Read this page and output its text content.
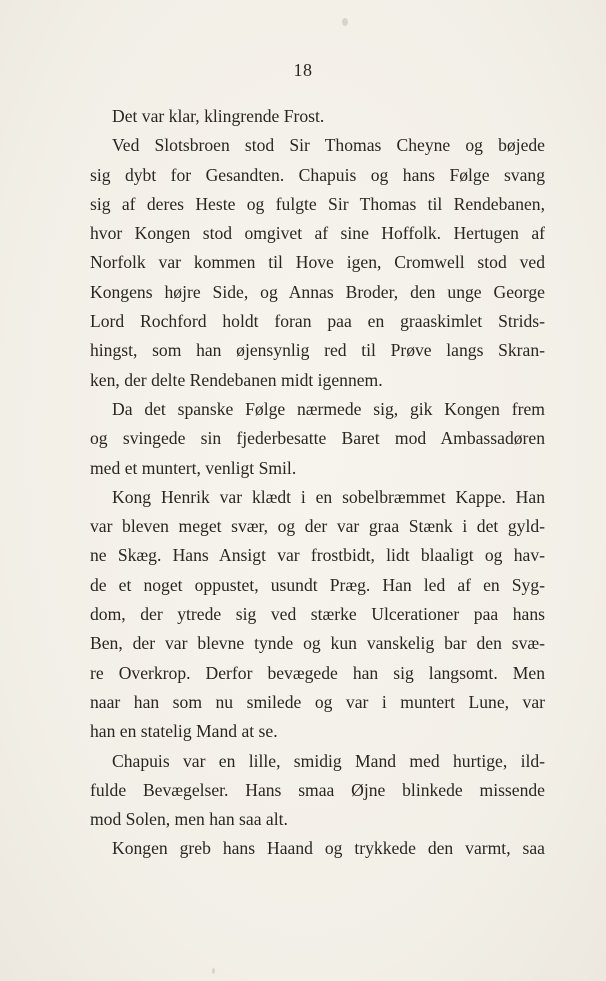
18
Det var klar, klingrende Frost.
Ved Slotsbroen stod Sir Thomas Cheyne og bøjede
sig dybt for Gesandten. Chapuis og hans Følge svang
sig af deres Heste og fulgte Sir Thomas til Rendebanen,
hvor Kongen stod omgivet af sine Hoffolk. Hertugen af
Norfolk var kommen til Hove igen, Cromwell stod ved
Kongens højre Side, og Annas Broder, den unge George
Lord Rochford holdt foran paa en graaskimlet Strids-
hingst, som han øjensynlig red til Prøve langs Skran-
ken, der delte Rendebanen midt igennem.
Da det spanske Følge nærmede sig, gik Kongen frem
og svingede sin fjederbesatte Baret mod Ambassadøren
med et muntert, venligt Smil.
Kong Henrik var klædt i en sobelbræmmet Kappe. Han
var bleven meget svær, og der var graa Stænk i det gyld-
ne Skæg. Hans Ansigt var frostbidt, lidt blaaligt og hav-
de et noget oppustet, usundt Præg. Han led af en Syg-
dom, der ytrede sig ved stærke Ulcerationer paa hans
Ben, der var blevne tynde og kun vanskelig bar den svæ-
re Overkrop. Derfor bevægede han sig langsomt. Men
naar han som nu smilede og var i muntert Lune, var
han en statelig Mand at se.
Chapuis var en lille, smidig Mand med hurtige, ild-
fulde Bevægelser. Hans smaa Øjne blinkede missende
mod Solen, men han saa alt.
Kongen greb hans Haand og trykkede den varmt, saa
